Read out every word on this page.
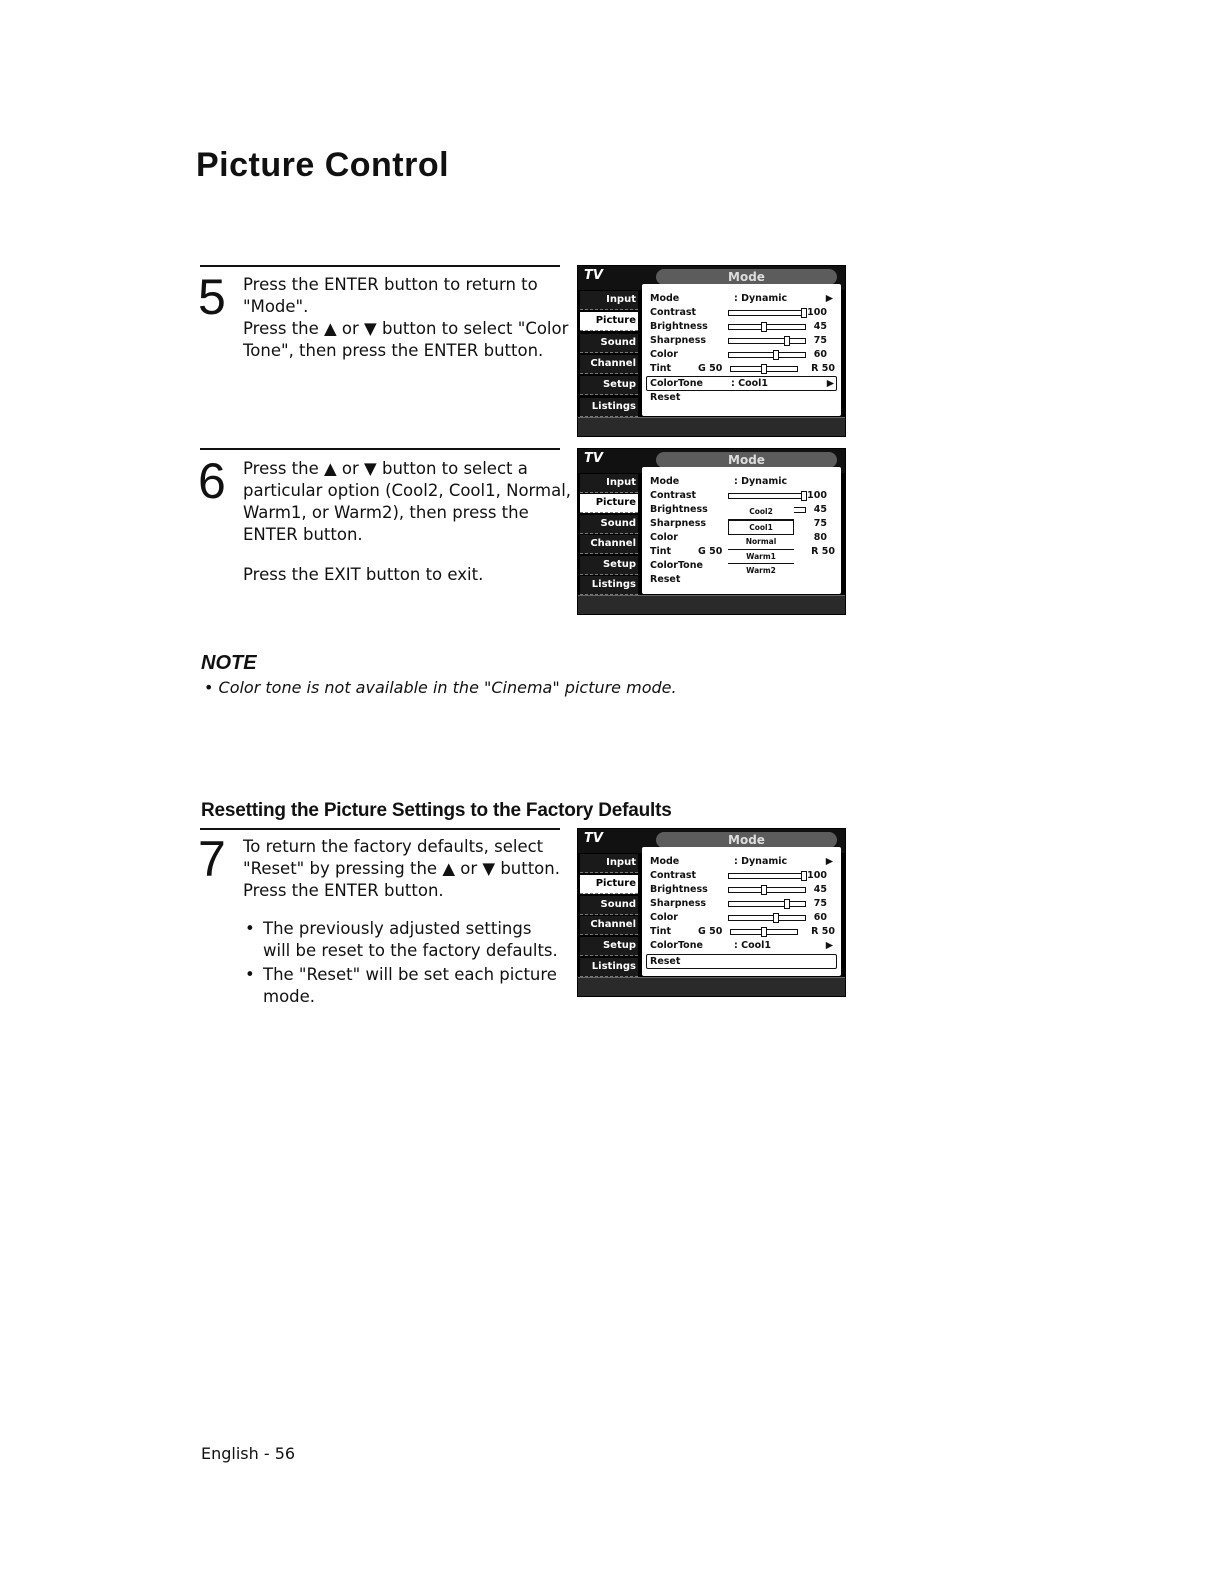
Picture Control
5 Press the ENTER button to return to "Mode".

Press the ▲ or ▼ button to select "Color Tone", then press the ENTER button.

TV	Mode
Input
Picture
Sound
Channel
Setup
Listings
Mode	: Dynamic	▶
Contrast	100
Brightness	45
Sharpness	75
Color	60
Tint	G 50	R 50
ColorTone	: Cool1	▶
Reset
6 Press the ▲ or ▼ button to select a particular option (Cool2, Cool1, Normal, Warm1, or Warm2), then press the ENTER button.

Press the EXIT button to exit.

TV	Mode
Input
Picture
Sound
Channel
Setup
Listings
Mode	: Dynamic
Contrast	100
Brightness	45
Sharpness	75
Color	80
Tint	G 50	R 50
ColorTone
Reset
Cool2
Cool1
Normal
Warm1
Warm2
NOTE
• Color tone is not available in the "Cinema" picture mode.
Resetting the Picture Settings to the Factory Defaults
7 To return the factory defaults, select "Reset" by pressing the ▲ or ▼ button. Press the ENTER button.

• The previously adjusted settings will be reset to the factory defaults.
• The "Reset" will be set each picture mode.
TV	Mode
Input
Picture
Sound
Channel
Setup
Listings
Mode	: Dynamic	▶
Contrast	100
Brightness	45
Sharpness	75
Color	60
Tint	G 50	R 50
ColorTone	: Cool1	▶
Reset
English - 56
